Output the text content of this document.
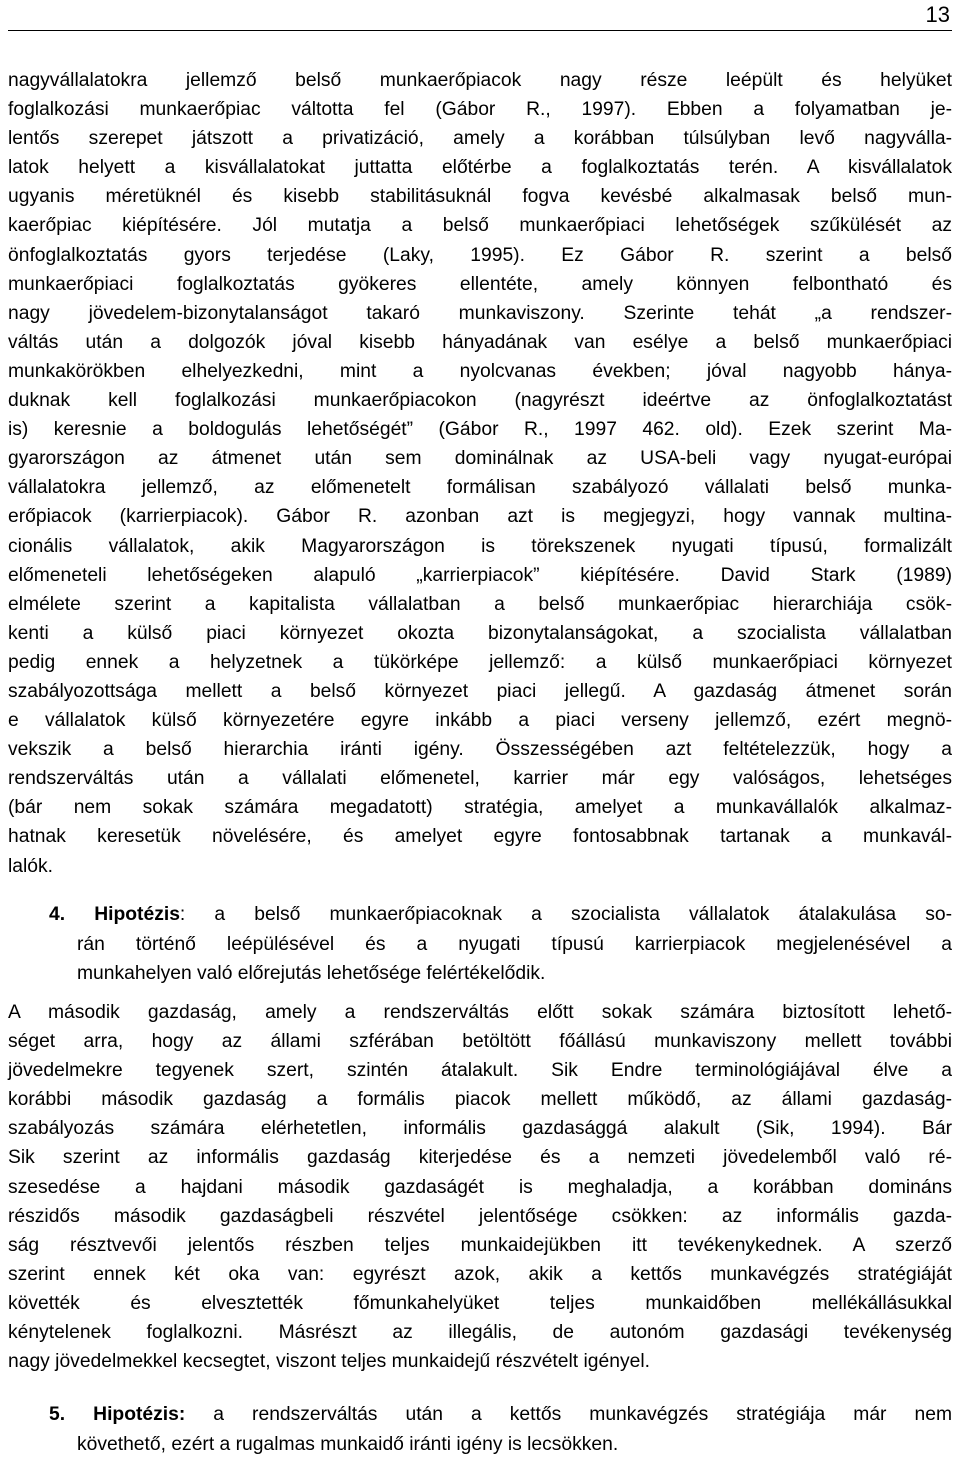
13
nagyvállalatokra jellemző belső munkaerőpiacok nagy része leépült és helyüket
foglalkozási munkaerőpiac váltotta fel (Gábor R., 1997). Ebben a folyamatban je-
lentős szerepet játszott a privatizáció, amely a korábban túlsúlyban levő nagyválla-
latok helyett a kisvállalatokat juttatta előtérbe a foglalkoztatás terén. A kisvállalatok
ugyanis méretüknél és kisebb stabilitásuknál fogva kevésbé alkalmasak belső mun-
kaerőpiac kiépítésére. Jól mutatja a belső munkaerőpiaci lehetőségek szűkülését az
önfoglalkoztatás gyors terjedése (Laky, 1995). Ez Gábor R. szerint a belső
munkaerőpiaci foglalkoztatás gyökeres ellentéte, amely könnyen felbontható és
nagy jövedelem-bizonytalanságot takaró munkaviszony. Szerinte tehát „a rendszer-
váltás után a dolgozók jóval kisebb hányadának van esélye a belső munkaerőpiaci
munkakörökben elhelyezkedni, mint a nyolcvanas években; jóval nagyobb hánya-
duknak kell foglalkozási munkaerőpiacokon (nagyrészt ideértve az önfoglalkoztatást
is) keresnie a boldogulás lehetőségét” (Gábor R., 1997 462. old). Ezek szerint Ma-
gyarországon az átmenet után sem dominálnak az USA-beli vagy nyugat-európai
vállalatokra jellemző, az előmenetelt formálisan szabályozó vállalati belső munka-
erőpiacok (karrierpiacok). Gábor R. azonban azt is megjegyzi, hogy vannak multina-
cionális vállalatok, akik Magyarországon is törekszenek nyugati típusú, formalizált
előmeneteli lehetőségeken alapuló „karrierpiacok” kiépítésére. David Stark (1989)
elmélete szerint a kapitalista vállalatban a belső munkaerőpiac hierarchiája csök-
kenti a külső piaci környezet okozta bizonytalanságokat, a szocialista vállalatban
pedig ennek a helyzetnek a tükörképe jellemző: a külső munkaerőpiaci környezet
szabályozottsága mellett a belső környezet piaci jellegű. A gazdaság átmenet során
e vállalatok külső környezetére egyre inkább a piaci verseny jellemző, ezért megnö-
vekszik a belső hierarchia iránti igény. Összességében azt feltételezzük, hogy a
rendszerváltás után a vállalati előmenetel, karrier már egy valóságos, lehetséges
(bár nem sokak számára megadatott) stratégia, amelyet a munkavállalók alkalmaz-
hatnak keresetük növelésére, és amelyet egyre fontosabbnak tartanak a munkavál-
lalók.
4. Hipotézis: a belső munkaerőpiacoknak a szocialista vállalatok átalakulása so-
rán történő leépülésével és a nyugati típusú karrierpiacok megjelenésével a
munkahelyen való előrejutás lehetősége felértékelődik.
A második gazdaság, amely a rendszerváltás előtt sokak számára biztosított lehető-
séget arra, hogy az állami szférában betöltött főállású munkaviszony mellett további
jövedelmekre tegyenek szert, szintén átalakult. Sik Endre terminológiájával élve a
korábbi második gazdaság a formális piacok mellett működő, az állami gazdaság-
szabályozás számára elérhetetlen, informális gazdasággá alakult (Sik, 1994). Bár
Sik szerint az informális gazdaság kiterjedése és a nemzeti jövedelemből való ré-
szesedése a hajdani második gazdaságét is meghaladja, a korábban domináns
részidős második gazdaságbeli részvétel jelentősége csökken: az informális gazda-
ság résztvevői jelentős részben teljes munkaidejükben itt tevékenykednek. A szerző
szerint ennek két oka van: egyrészt azok, akik a kettős munkavégzés stratégiáját
követték és elvesztették főmunkahelyüket teljes munkaidőben mellékállásukkal
kénytelenek foglalkozni. Másrészt az illegális, de autonóm gazdasági tevékenység
nagy jövedelmekkel kecsegtet, viszont teljes munkaidejű részvételt igényel.
5. Hipotézis: a rendszerváltás után a kettős munkavégzés stratégiája már nem
követhető, ezért a rugalmas munkaidő iránti igény is lecsökken.
